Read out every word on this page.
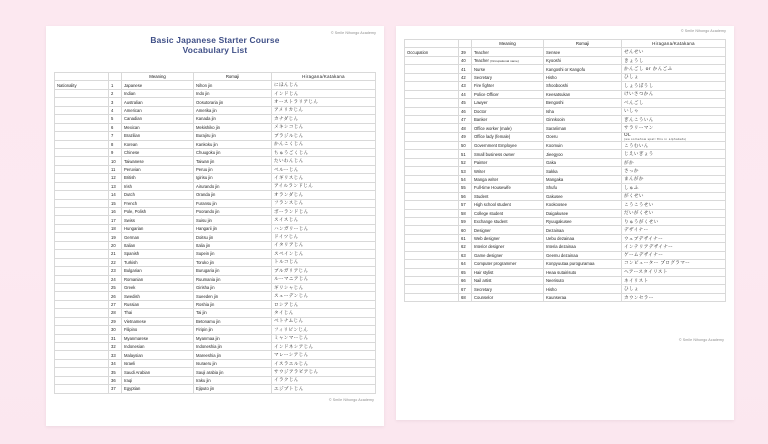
© Smile Nihongo Academy
Basic Japanese Starter Course
Vocabulary List
		Meaning	Romaji	Hiragana/Katakana
Nationality	1	Japanese	Nihon jin	にほんじん
	2	Indian	Indo jin	インドじん
	3	Australian	Oosutoraria jin	オーストラリアじん
	4	American	Amerika jin	アメリカじん
	5	Canadian	Kanada jin	カナダじん
	6	Mexican	Mekishiko jin	メキシコじん
	7	Brazilian	Burajiru jin	ブラジルじん
	8	Korean	Kankoku jin	かんこくじん
	9	Chinese	Chuugoku jin	ちゅうごくじん
	10	Taiwanese	Taiwan jin	たいわんじん
	11	Peruvian	Peruu jin	ペルーじん
	12	British	Igirisu jin	イギリスじん
	13	Irish	Airurando jin	アイルランドじん
	14	Dutch	Oranda jin	オランダじん
	15	French	Furansu jin	フランスじん
	16	Pole, Polish	Poorando jin	ポーランドじん
	17	Swiss	Suisu jin	スイスじん
	18	Hungarian	Hangarii jin	ハンガリーじん
	19	German	Doitsu jin	ドイツじん
	20	Italian	Italia jin	イタリアじん
	21	Spanish	Supein jin	スペインじん
	22	Turkish	Toruko jin	トルコじん
	23	Bulgarian	Burugaria jin	ブルガリアじん
	24	Romanian	Ruumania jin	ルーマニアじん
	25	Greek	Girisha jin	ギリシャじん
	26	Swedish	Sueeden jin	スェーデンじん
	27	Russian	Roshia jin	ロシアじん
	28	Thai	Tai jin	タイじん
	29	Vietnamese	Betonamu jin	ベトナムじん
	30	Filipino	Firipin jin	フィリピンじん
	31	Myanmarese	Myanmaa jin	ミャンマーじん
	32	Indonesian	Indoneshia jin	インドネシアじん
	33	Malaysian	Mareeshia jin	マレーシアじん
	34	Israeli	Isuraeru jin	イスラエルじん
	35	Saudi Arabian	Sauji arabia jin	サウジアラビアじん
	36	Iraqi	Iraku jin	イラクじん
	37	Egyptian	Ejiputo jin	エジプトじん
© Smile Nihongo Academy
© Smile Nihongo Academy
		Meaning	Romaji	Hiragana/Katakana
Occupation	39	Teacher	Sensee	せんせい
	40	Teacher (Occupational name)	Kyooshi	きょうし
	41	Nurse	Kangoshi or Kangofu	かんごし or かんごふ
	42	Secretary	Hisho	ひしょ
	43	Fire fighter	Shoobooshi	しょうぼうし
	44	Police Officer	Keesatsukan	けいさつかん
	45	Lawyer	Bengoshi	べんごし
	46	Doctor	Isha	いしゃ
	47	Banker	Ginnkooin	ぎんこういん
	48	Office worker (male)	Sarariiman	サラリーマン
	49	Office lady (female)	Ooeru	OL
(we somehow spell this in alphabets)

	50	Government Employee	Koomuin	こうむいん
	51	Small business owner	Jieegyoo	じえいぎょう
	52	Painter	Gaka	がか
	53	Writer	Sakka	さっか
	54	Manga writer	Mangaka	まんがか
	55	Full-time Housewife	Shufu	しゅふ
	56	Student	Gakusee	がくせい
	57	High school student	Kookoosee	こうこうせい
	58	College student	Daigakusee	だいがくせい
	59	Exchange student	Ryuugakusee	りゅうがくせい
	60	Designer	Dezainaa	デザイナー
	61	Web designer	Uebu dezainaa	ウェブデザイナー
	62	Interior designer	Interia dezainaa	インテリアデザイナー
	63	Game designer	Geemu dezainaa	ゲームデザイナー
	64	Computer programmer	Konpyuutaa puroguramaa	コンピューター プログラマー
	65	Hair stylist	Heaa sutairisuto	ヘアースタイリスト
	66	Nail artist	Neerisuto	ネイリスト
	67	Secretary	Hisho	ひしょ
	68	Counselor	Kaunseraa	カウンセラー
© Smile Nihongo Academy
